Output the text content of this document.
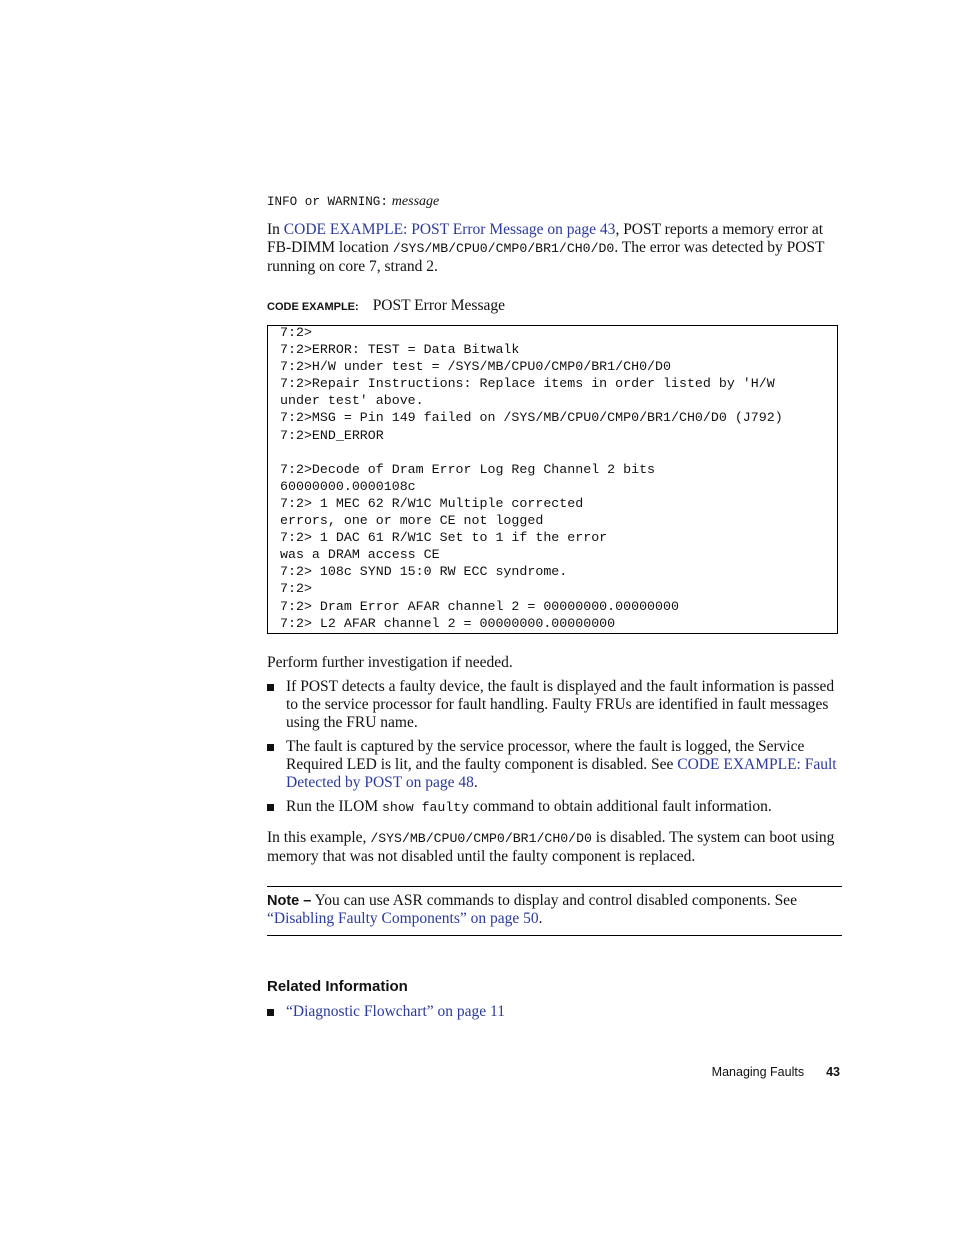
INFO or WARNING: message
In CODE EXAMPLE: POST Error Message on page 43, POST reports a memory error at FB-DIMM location /SYS/MB/CPU0/CMP0/BR1/CH0/D0. The error was detected by POST running on core 7, strand 2.
CODE EXAMPLE: POST Error Message
7:2>
7:2>ERROR: TEST = Data Bitwalk
7:2>H/W under test = /SYS/MB/CPU0/CMP0/BR1/CH0/D0
7:2>Repair Instructions: Replace items in order listed by 'H/W
under test' above.
7:2>MSG = Pin 149 failed on /SYS/MB/CPU0/CMP0/BR1/CH0/D0 (J792)
7:2>END_ERROR

7:2>Decode of Dram Error Log Reg Channel 2 bits
60000000.0000108c
7:2> 1 MEC 62 R/W1C Multiple corrected
errors, one or more CE not logged
7:2> 1 DAC 61 R/W1C Set to 1 if the error
was a DRAM access CE
7:2> 108c SYND 15:0 RW ECC syndrome.
7:2>
7:2> Dram Error AFAR channel 2 = 00000000.00000000
7:2> L2 AFAR channel 2 = 00000000.00000000
Perform further investigation if needed.
If POST detects a faulty device, the fault is displayed and the fault information is passed to the service processor for fault handling. Faulty FRUs are identified in fault messages using the FRU name.
The fault is captured by the service processor, where the fault is logged, the Service Required LED is lit, and the faulty component is disabled. See CODE EXAMPLE: Fault Detected by POST on page 48.
Run the ILOM show faulty command to obtain additional fault information.
In this example, /SYS/MB/CPU0/CMP0/BR1/CH0/D0 is disabled. The system can boot using memory that was not disabled until the faulty component is replaced.
Note – You can use ASR commands to display and control disabled components. See “Disabling Faulty Components” on page 50.
Related Information
“Diagnostic Flowchart” on page 11
Managing Faults 43
